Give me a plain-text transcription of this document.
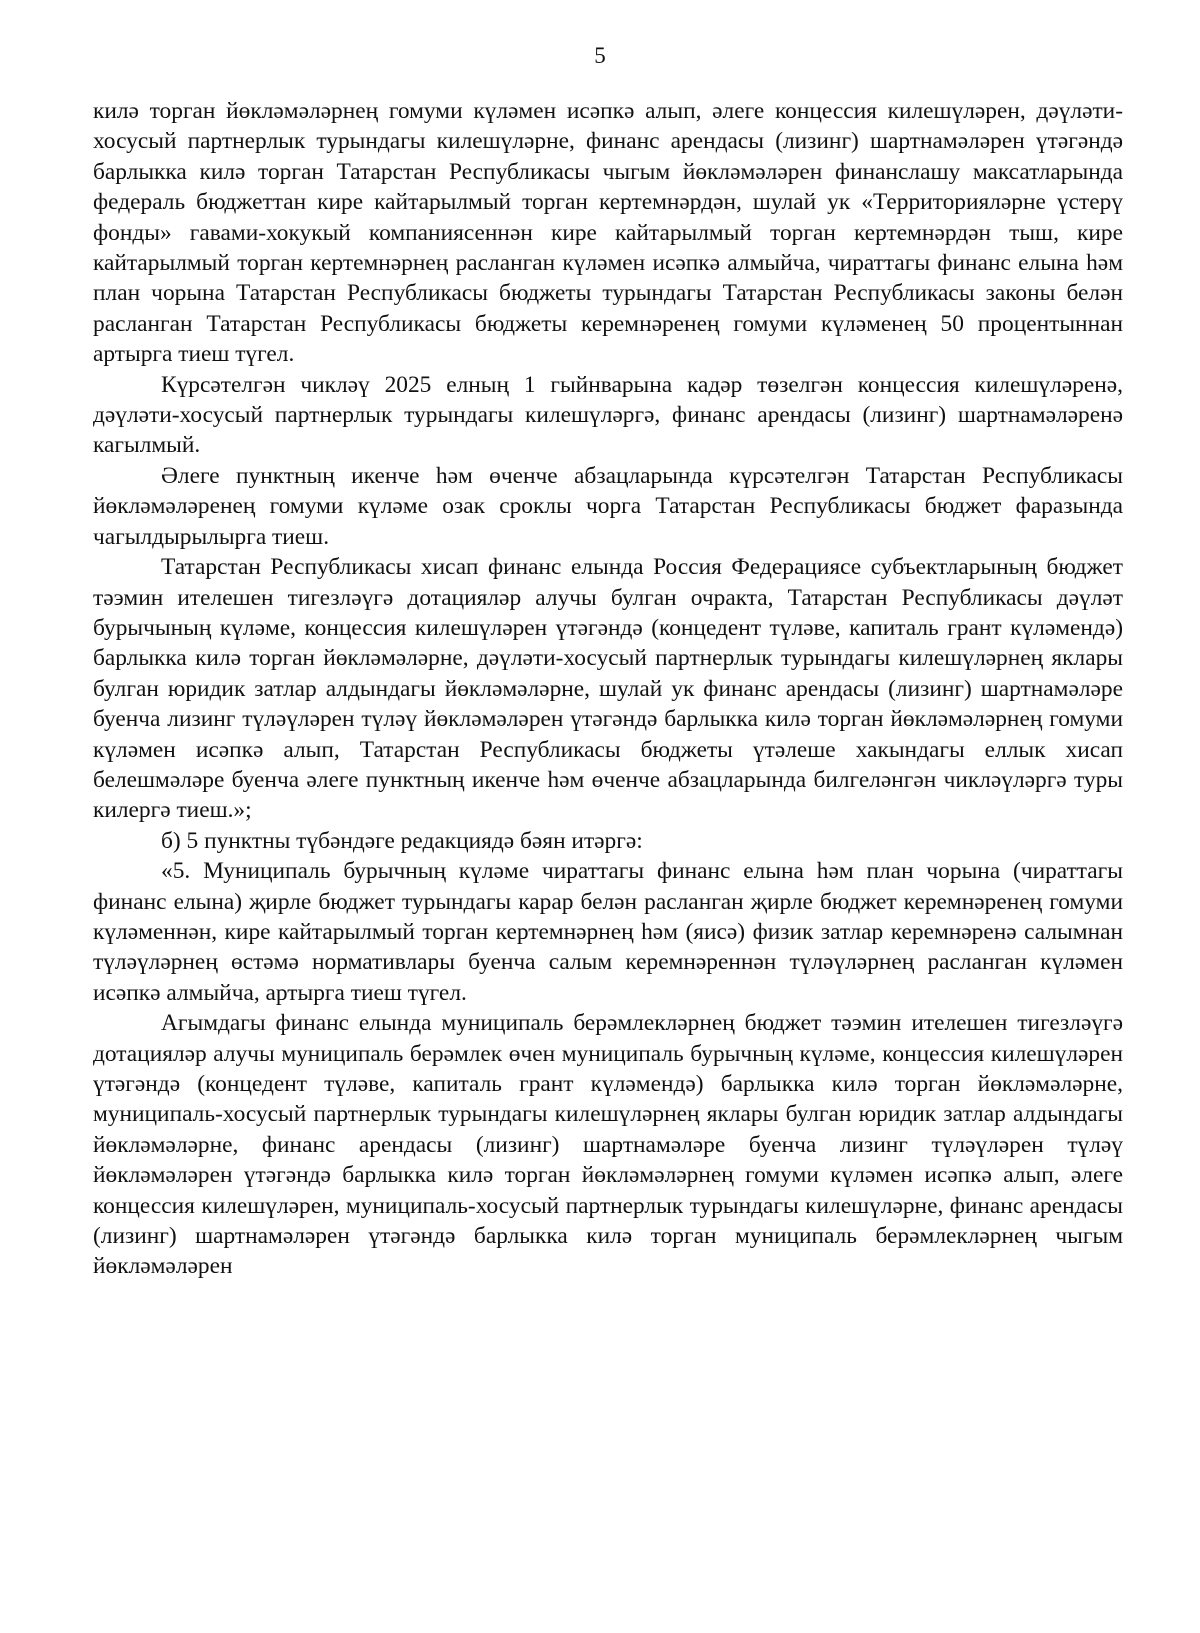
5

килә торган йөкләмәләрнең гомуми күләмен исәпкә алып, әлеге концессия килешүләрен, дәүләти-хосусый партнерлык турындагы килешүләрне, финанс арендасы (лизинг) шартнамәләрен үтәгәндә барлыкка килә торган Татарстан Республикасы чыгым йөкләмәләрен финанслашу максатларында федераль бюджеттан кире кайтарылмый торган кертемнәрдән, шулай ук «Территорияләрне үстерү фонды» гавами-хокукый компаниясеннән кире кайтарылмый торган кертемнәрдән тыш, кире кайтарылмый торган кертемнәрнең расланган күләмен исәпкә алмыйча, чираттагы финанс елына һәм план чорына Татарстан Республикасы бюджеты турындагы Татарстан Республикасы законы белән расланган Татарстан Республикасы бюджеты керемнәренең гомуми күләменең 50 процентыннан артырга тиеш түгел.

Күрсәтелгән чикләү 2025 елның 1 гыйнварына кадәр төзелгән концессия килешүләренә, дәүләти-хосусый партнерлык турындагы килешүләргә, финанс арендасы (лизинг) шартнамәләренә кагылмый.

Әлеге пунктның икенче һәм өченче абзацларында күрсәтелгән Татарстан Республикасы йөкләмәләренең гомуми күләме озак сроклы чорга Татарстан Республикасы бюджет фаразында чагылдырылырга тиеш.

Татарстан Республикасы хисап финанс елында Россия Федерациясе субъектларының бюджет тәэмин ителешен тигезләүгә дотацияләр алучы булган очракта, Татарстан Республикасы дәүләт бурычының күләме, концессия килешүләрен үтәгәндә (концедент түләве, капиталь грант күләмендә) барлыкка килә торган йөкләмәләрне, дәүләти-хосусый партнерлык турындагы килешүләрнең яклары булган юридик затлар алдындагы йөкләмәләрне, шулай ук финанс арендасы (лизинг) шартнамәләре буенча лизинг түләүләрен түләү йөкләмәләрен үтәгәндә барлыкка килә торган йөкләмәләрнең гомуми күләмен исәпкә алып, Татарстан Республикасы бюджеты үтәлеше хакындагы еллык хисап белешмәләре буенча әлеге пунктның икенче һәм өченче абзацларында билгеләнгән чикләүләргә туры килергә тиеш.»;

б) 5 пунктны түбәндәге редакциядә бәян итәргә:

«5. Муниципаль бурычның күләме чираттагы финанс елына һәм план чорына (чираттагы финанс елына) җирле бюджет турындагы карар белән расланган җирле бюджет керемнәренең гомуми күләменнән, кире кайтарылмый торган кертемнәрнең һәм (яисә) физик затлар керемнәренә салымнан түләүләрнең өстәмә нормативлары буенча салым керемнәреннән түләүләрнең расланган күләмен исәпкә алмыйча, артырга тиеш түгел.

Агымдагы финанс елында муниципаль берәмлекләрнең бюджет тәэмин ителешен тигезләүгә дотацияләр алучы муниципаль берәмлек өчен муниципаль бурычның күләме, концессия килешүләрен үтәгәндә (концедент түләве, капиталь грант күләмендә) барлыкка килә торган йөкләмәләрне, муниципаль-хосусый партнерлык турындагы килешүләрнең яклары булган юридик затлар алдындагы йөкләмәләрне, финанс арендасы (лизинг) шартнамәләре буенча лизинг түләүләрен түләү йөкләмәләрен үтәгәндә барлыкка килә торган йөкләмәләрнең гомуми күләмен исәпкә алып, әлеге концессия килешүләрен, муниципаль-хосусый партнерлык турындагы килешүләрне, финанс арендасы (лизинг) шартнамәләрен үтәгәндә барлыкка килә торган муниципаль берәмлекләрнең чыгым йөкләмәләрен
